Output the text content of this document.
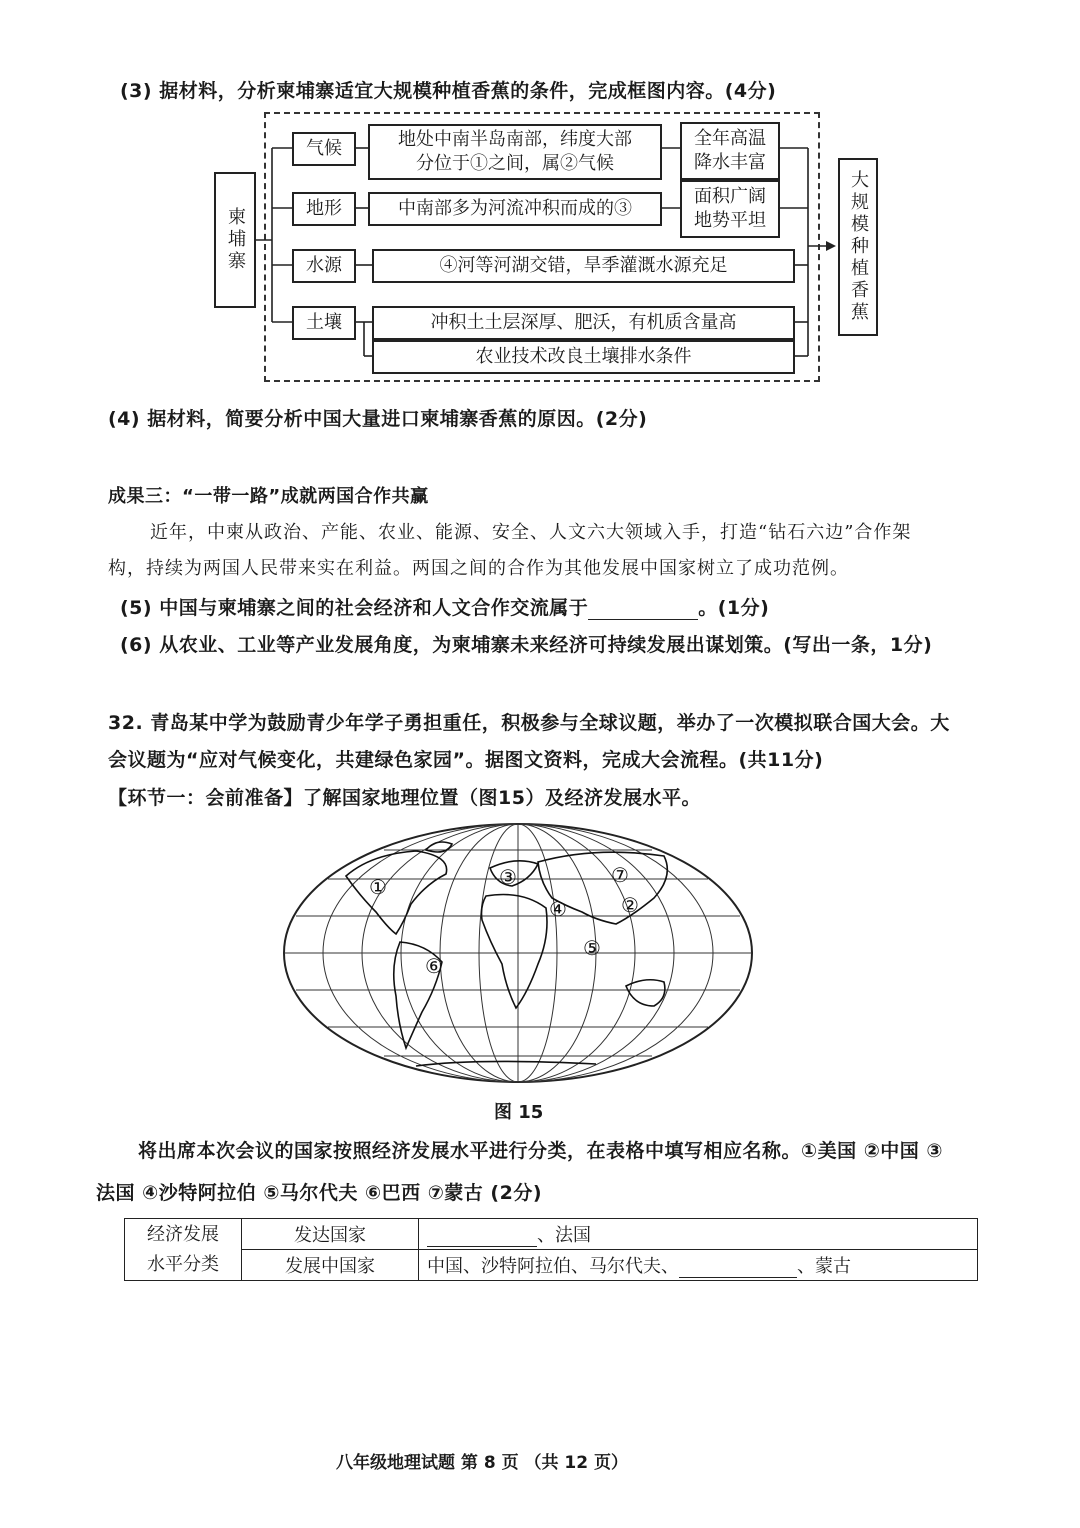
(3) 据材料，分析柬埔寨适宜大规模种植香蕉的条件，完成框图内容。(4分)
柬埔寨
气候
地形
水源
土壤
地处中南半岛南部，纬度大部
分位于①之间，属②气候
中南部多为河流冲积而成的③
全年高温
降水丰富
面积广阔
地势平坦
④河等河湖交错，旱季灌溉水源充足
冲积土土层深厚、肥沃，有机质含量高
农业技术改良土壤排水条件
大规模种植香蕉
(4) 据材料，简要分析中国大量进口柬埔寨香蕉的原因。(2分)
成果三：“一带一路”成就两国合作共赢
近年，中柬从政治、产能、农业、能源、安全、人文六大领域入手，打造“钻石六边”合作架
构，持续为两国人民带来实在利益。两国之间的合作为其他发展中国家树立了成功范例。
(5) 中国与柬埔寨之间的社会经济和人文合作交流属于	。(1分)
(6) 从农业、工业等产业发展角度，为柬埔寨未来经济可持续发展出谋划策。(写出一条，1分)
32. 青岛某中学为鼓励青少年学子勇担重任，积极参与全球议题，举办了一次模拟联合国大会。大
会议题为“应对气候变化，共建绿色家园”。据图文资料，完成大会流程。(共11分)
【环节一：会前准备】了解国家地理位置（图15）及经济发展水平。
①
②
③
④
⑤
⑥
⑦
图 15
将出席本次会议的国家按照经济发展水平进行分类，在表格中填写相应名称。①美国 ②中国 ③
法国 ④沙特阿拉伯 ⑤马尔代夫 ⑥巴西 ⑦蒙古 (2分)
经济发展
水平分类	发达国家	、法国
	发展中国家	中国、沙特阿拉伯、马尔代夫、 、蒙古
八年级地理试题 第 8 页 （共 12 页）
